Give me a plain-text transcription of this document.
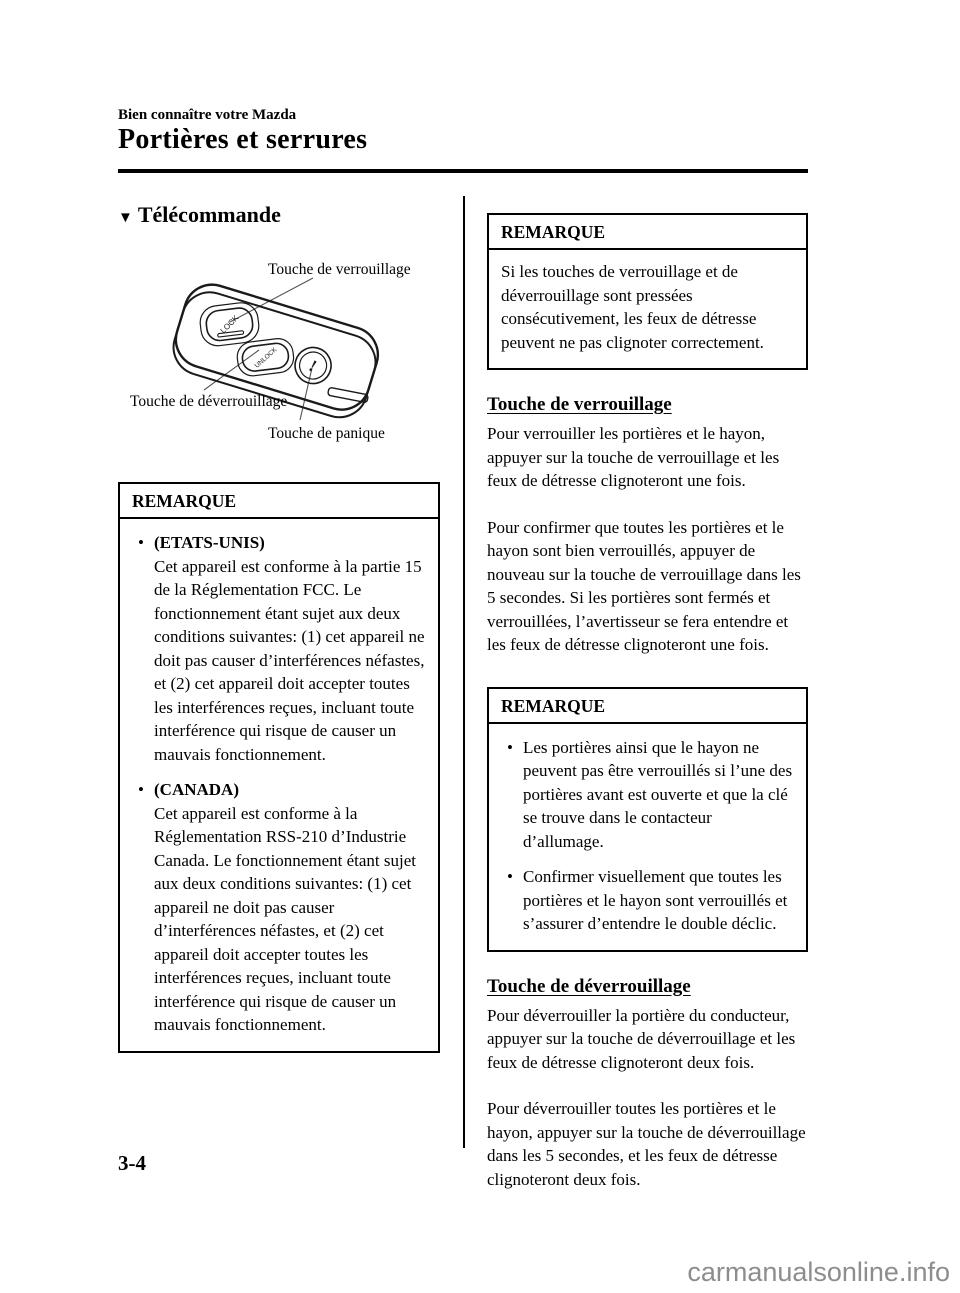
Bien connaître votre Mazda
Portières et serrures
▼ Télécommande
LOCK
UNLOCK !
Touche de verrouillage
Touche de déverrouillage
Touche de panique
REMARQUE
• (ETATS-UNIS)
Cet appareil est conforme à la partie 15 de la Réglementation FCC. Le fonctionnement étant sujet aux deux conditions suivantes: (1) cet appareil ne doit pas causer d’interférences néfastes, et (2) cet appareil doit accepter toutes les interférences reçues, incluant toute interférence qui risque de causer un mauvais fonctionnement.
• (CANADA)
Cet appareil est conforme à la Réglementation RSS-210 d’Industrie Canada. Le fonctionnement étant sujet aux deux conditions suivantes: (1) cet appareil ne doit pas causer d’interférences néfastes, et (2) cet appareil doit accepter toutes les interférences reçues, incluant toute interférence qui risque de causer un mauvais fonctionnement.
REMARQUE

Si les touches de verrouillage et de déverrouillage sont pressées consécutivement, les feux de détresse peuvent ne pas clignoter correctement.

Touche de verrouillage

Pour verrouiller les portières et le hayon, appuyer sur la touche de verrouillage et les feux de détresse clignoteront une fois.

Pour confirmer que toutes les portières et le hayon sont bien verrouillés, appuyer de nouveau sur la touche de verrouillage dans les 5 secondes. Si les portières sont fermés et verrouillées, l’avertisseur se fera entendre et les feux de détresse clignoteront une fois.

REMARQUE
• Les portières ainsi que le hayon ne peuvent pas être verrouillés si l’une des portières avant est ouverte et que la clé se trouve dans le contacteur d’allumage.
• Confirmer visuellement que toutes les portières et le hayon sont verrouillés et s’assurer d’entendre le double déclic.
Touche de déverrouillage

Pour déverrouiller la portière du conducteur, appuyer sur la touche de déverrouillage et les feux de détresse clignoteront deux fois.

Pour déverrouiller toutes les portières et le hayon, appuyer sur la touche de déverrouillage dans les 5 secondes, et les feux de détresse clignoteront deux fois.

3-4
carmanualsonline.info
